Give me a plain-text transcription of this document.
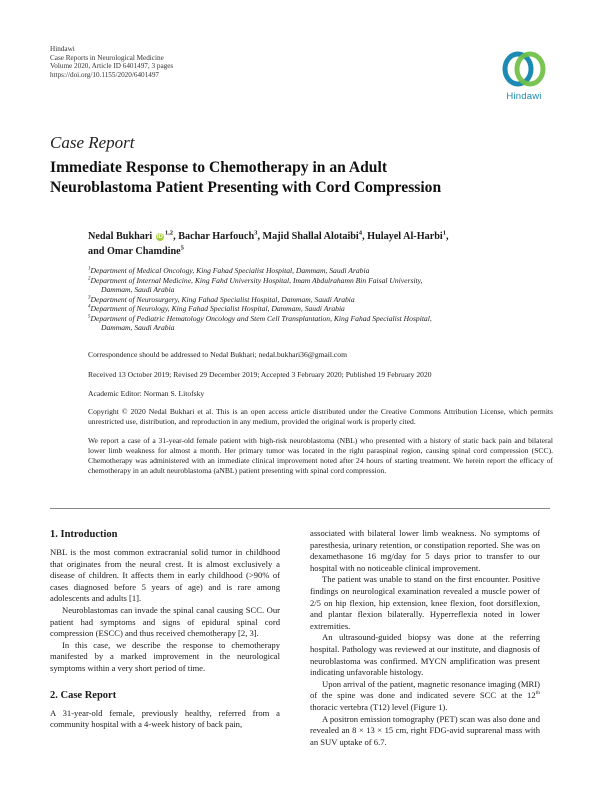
Hindawi
Case Reports in Neurological Medicine
Volume 2020, Article ID 6401497, 3 pages
https://doi.org/10.1155/2020/6401497
Hindawi
Case Report
Immediate Response to Chemotherapy in an Adult
Neuroblastoma Patient Presenting with Cord Compression
Nedal Bukhari iD$^{1,2}$, Bachar Harfouch$^3$, Majid Shallal Alotaibi$^4$, Hulayel Al-Harbi$^1$,
and Omar Chamdine$^5$
$^1$Department of Medical Oncology, King Fahad Specialist Hospital, Dammam, Saudi Arabia
$^2$Department of Internal Medicine, King Fahd University Hospital, Imam Abdulrahamn Bin Faisal University,
Dammam, Saudi Arabia
$^3$Department of Neurosurgery, King Fahad Specialist Hospital, Dammam, Saudi Arabia
$^4$Department of Neurology, King Fahad Specialist Hospital, Dammam, Saudi Arabia
$^5$Department of Pediatric Hematology Oncology and Stem Cell Transplantation, King Fahad Specialist Hospital,
Dammam, Saudi Arabia
Correspondence should be addressed to Nedal Bukhari; nedal.bukhari36@gmail.com
Received 13 October 2019; Revised 29 December 2019; Accepted 3 February 2020; Published 19 February 2020
Academic Editor: Norman S. Litofsky
Copyright © 2020 Nedal Bukhari et al. This is an open access article distributed under the Creative Commons Attribution License, which permits unrestricted use, distribution, and reproduction in any medium, provided the original work is properly cited.
We report a case of a 31-year-old female patient with high-risk neuroblastoma (NBL) who presented with a history of static back pain and bilateral lower limb weakness for almost a month. Her primary tumor was located in the right paraspinal region, causing spinal cord compression (SCC). Chemotherapy was administered with an immediate clinical improvement noted after 24 hours of starting treatment. We herein report the efficacy of chemotherapy in an adult neuroblastoma (aNBL) patient presenting with spinal cord compression.
1. Introduction

NBL is the most common extracranial solid tumor in childhood that originates from the neural crest. It is almost exclusively a disease of children. It affects them in early childhood (>90% of cases diagnosed before 5 years of age) and is rare among adolescents and adults [1].

Neuroblastomas can invade the spinal canal causing SCC. Our patient had symptoms and signs of epidural spinal cord compression (ESCC) and thus received chemotherapy [2, 3].

In this case, we describe the response to chemotherapy manifested by a marked improvement in the neurological symptoms within a very short period of time.

2. Case Report

A 31-year-old female, previously healthy, referred from a community hospital with a 4-week history of back pain,

associated with bilateral lower limb weakness. No symptoms of paresthesia, urinary retention, or constipation reported. She was on dexamethasone 16 mg/day for 5 days prior to transfer to our hospital with no noticeable clinical improvement.

The patient was unable to stand on the first encounter. Positive findings on neurological examination revealed a muscle power of 2/5 on hip flexion, hip extension, knee flexion, foot dorsiflexion, and plantar flexion bilaterally. Hyperreflexia noted in lower extremities.

An ultrasound-guided biopsy was done at the referring hospital. Pathology was reviewed at our institute, and diagnosis of neuroblastoma was confirmed. MYCN amplification was present indicating unfavorable histology.

Upon arrival of the patient, magnetic resonance imaging (MRI) of the spine was done and indicated severe SCC at the 12th thoracic vertebra (T12) level (Figure 1).

A positron emission tomography (PET) scan was also done and revealed an 8 × 13 × 15 cm, right FDG-avid suprarenal mass with an SUV uptake of 6.7.
